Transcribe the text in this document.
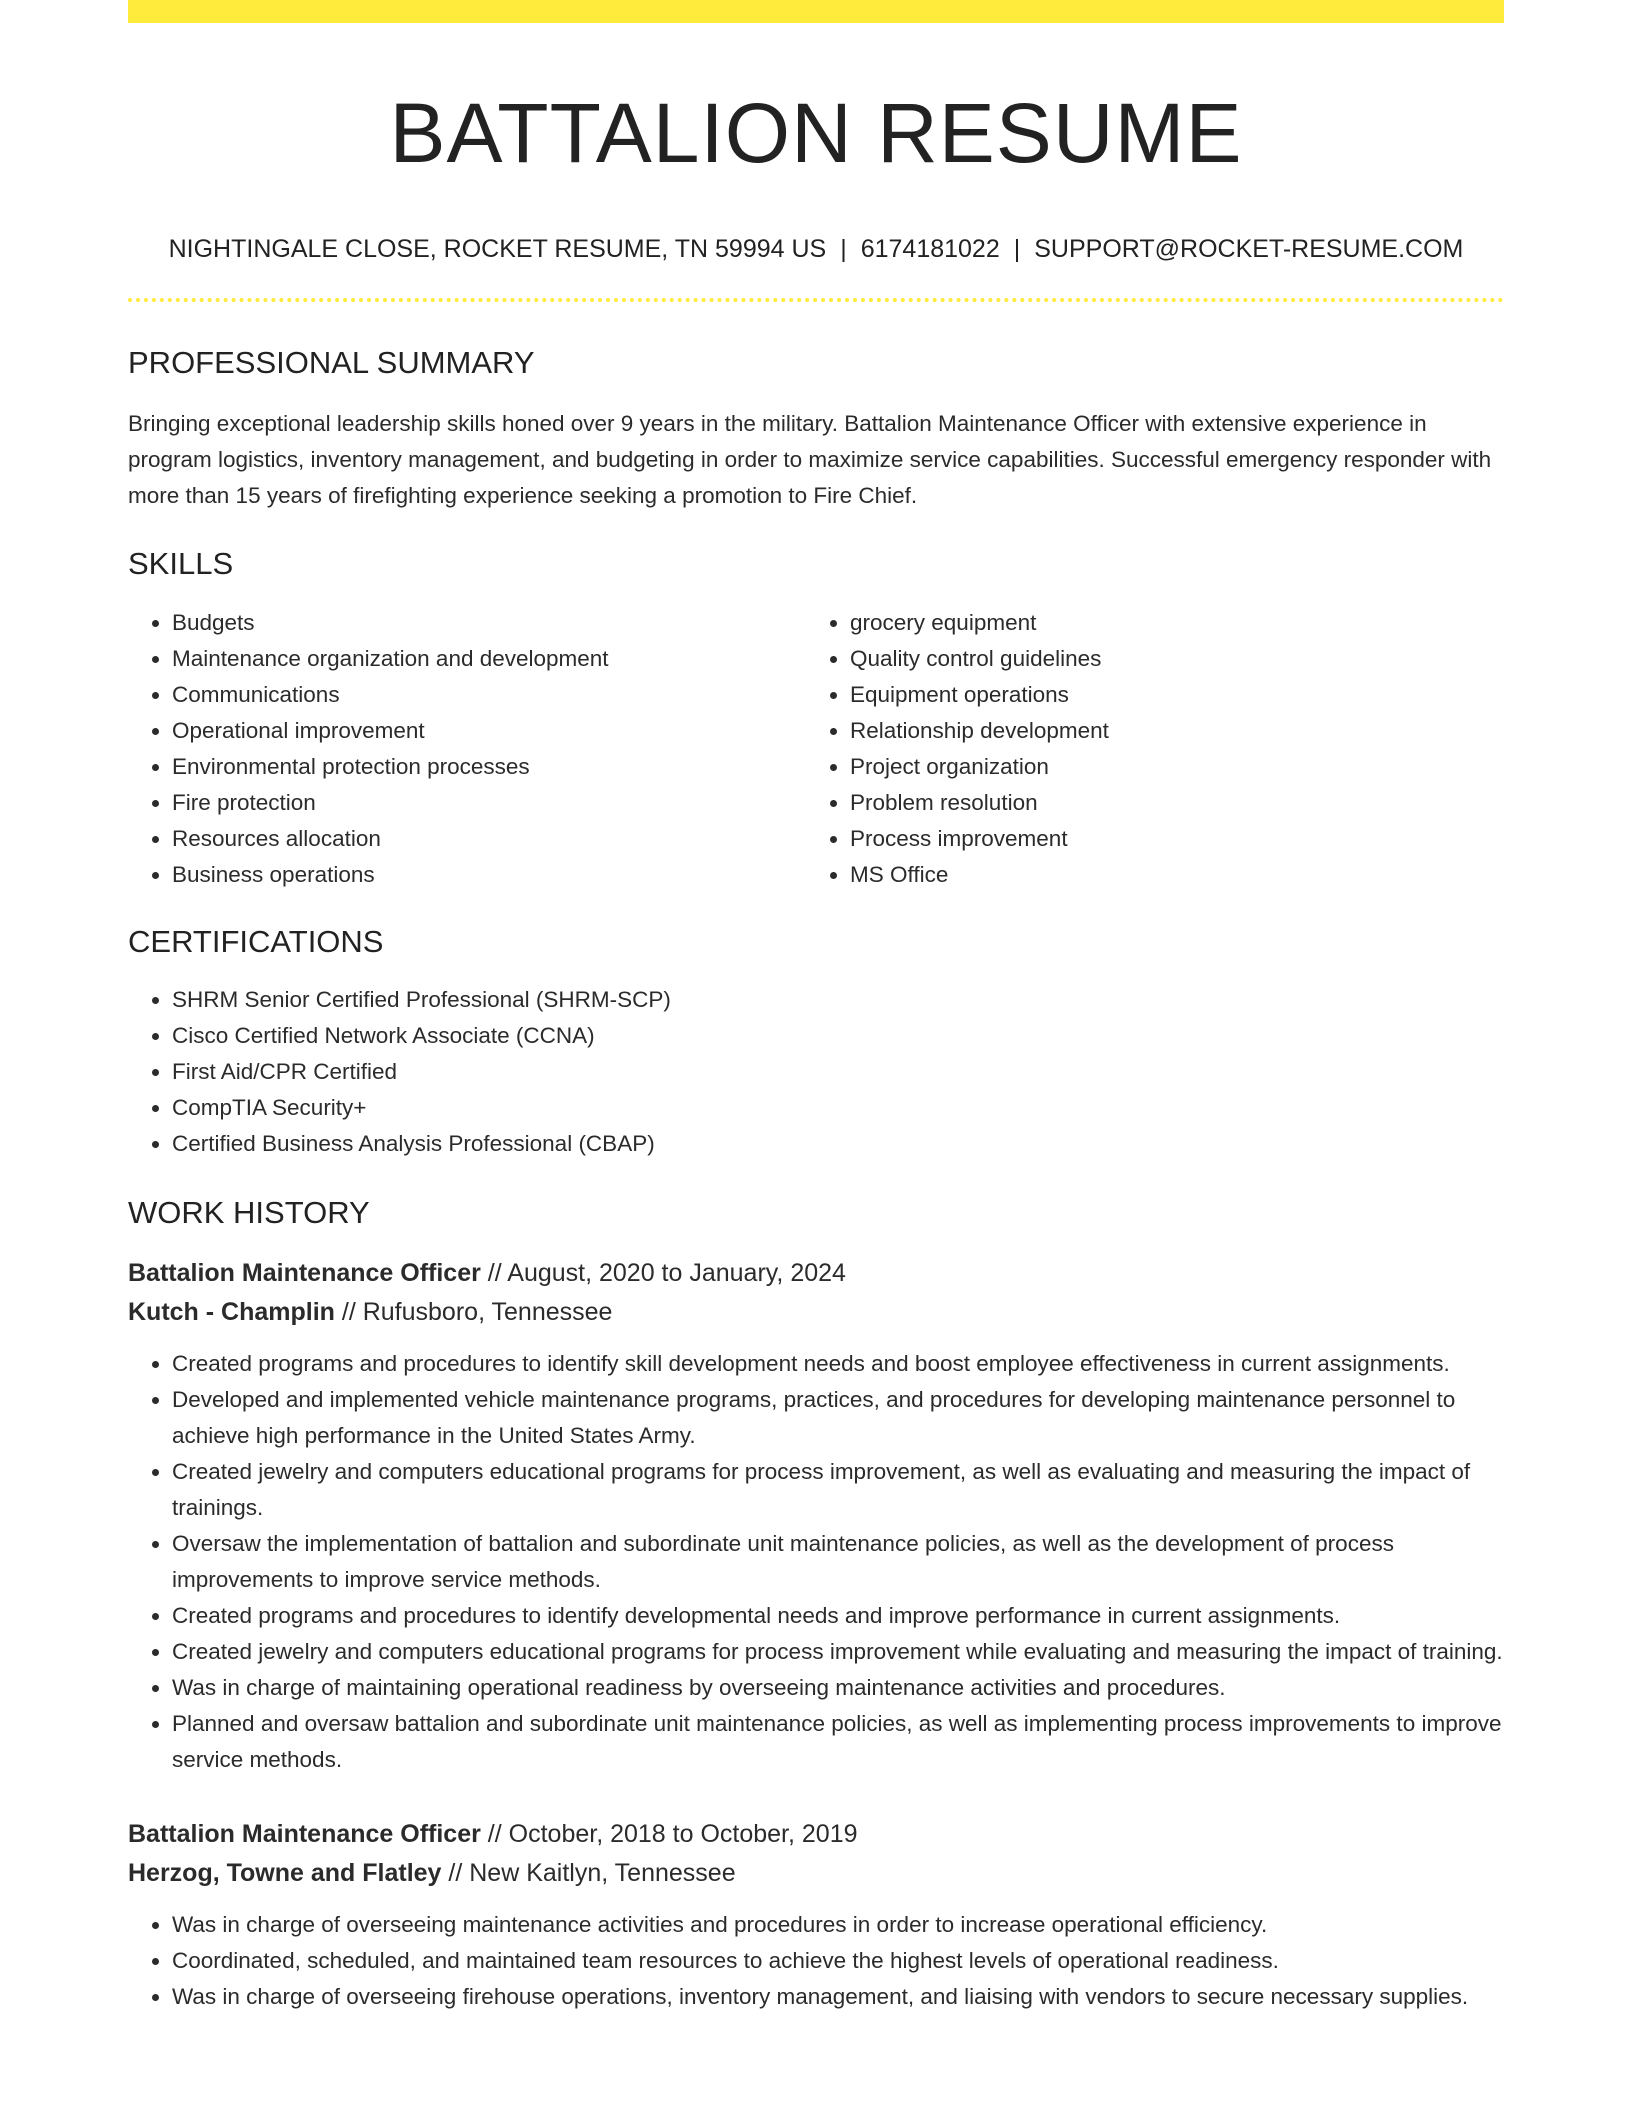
BATTALION RESUME
NIGHTINGALE CLOSE, ROCKET RESUME, TN 59994 US | 6174181022 | SUPPORT@ROCKET-RESUME.COM
PROFESSIONAL SUMMARY
Bringing exceptional leadership skills honed over 9 years in the military. Battalion Maintenance Officer with extensive experience in program logistics, inventory management, and budgeting in order to maximize service capabilities. Successful emergency responder with more than 15 years of firefighting experience seeking a promotion to Fire Chief.
SKILLS
• Budgets
• Maintenance organization and development
• Communications
• Operational improvement
• Environmental protection processes
• Fire protection
• Resources allocation
• Business operations
• grocery equipment
• Quality control guidelines
• Equipment operations
• Relationship development
• Project organization
• Problem resolution
• Process improvement
• MS Office
CERTIFICATIONS
• SHRM Senior Certified Professional (SHRM-SCP)
• Cisco Certified Network Associate (CCNA)
• First Aid/CPR Certified
• CompTIA Security+
• Certified Business Analysis Professional (CBAP)
WORK HISTORY
Battalion Maintenance Officer // August, 2020 to January, 2024
Kutch - Champlin // Rufusboro, Tennessee
• Created programs and procedures to identify skill development needs and boost employee effectiveness in current assignments.
• Developed and implemented vehicle maintenance programs, practices, and procedures for developing maintenance personnel to achieve high performance in the United States Army.
• Created jewelry and computers educational programs for process improvement, as well as evaluating and measuring the impact of trainings.
• Oversaw the implementation of battalion and subordinate unit maintenance policies, as well as the development of process improvements to improve service methods.
• Created programs and procedures to identify developmental needs and improve performance in current assignments.
• Created jewelry and computers educational programs for process improvement while evaluating and measuring the impact of training.
• Was in charge of maintaining operational readiness by overseeing maintenance activities and procedures.
• Planned and oversaw battalion and subordinate unit maintenance policies, as well as implementing process improvements to improve service methods.
Battalion Maintenance Officer // October, 2018 to October, 2019
Herzog, Towne and Flatley // New Kaitlyn, Tennessee
• Was in charge of overseeing maintenance activities and procedures in order to increase operational efficiency.
• Coordinated, scheduled, and maintained team resources to achieve the highest levels of operational readiness.
• Was in charge of overseeing firehouse operations, inventory management, and liaising with vendors to secure necessary supplies.
